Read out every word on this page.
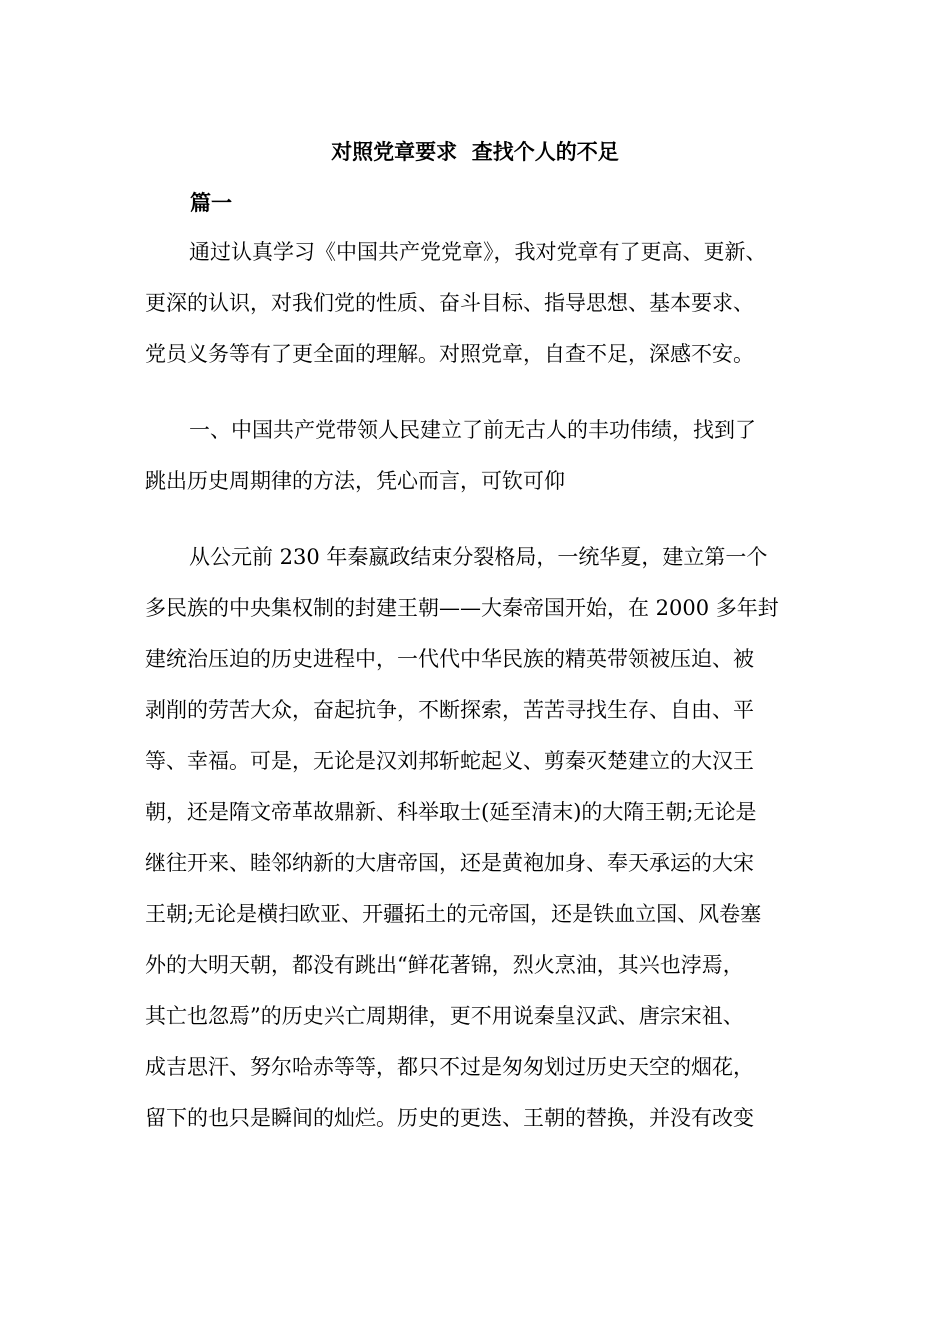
对照党章要求  查找个人的不足
篇一
通过认真学习《中国共产党党章》，我对党章有了更高、更新、
更深的认识，对我们党的性质、奋斗目标、指导思想、基本要求、
党员义务等有了更全面的理解。对照党章，自查不足，深感不安。
一、中国共产党带领人民建立了前无古人的丰功伟绩，找到了
跳出历史周期律的方法，凭心而言，可钦可仰
从公元前 230 年秦嬴政结束分裂格局，一统华夏，建立第一个
多民族的中央集权制的封建王朝——大秦帝国开始，在 2000 多年封
建统治压迫的历史进程中，一代代中华民族的精英带领被压迫、被
剥削的劳苦大众，奋起抗争，不断探索，苦苦寻找生存、自由、平
等、幸福。可是，无论是汉刘邦斩蛇起义、剪秦灭楚建立的大汉王
朝，还是隋文帝革故鼎新、科举取士(延至清末)的大隋王朝;无论是
继往开来、睦邻纳新的大唐帝国，还是黄袍加身、奉天承运的大宋
王朝;无论是横扫欧亚、开疆拓土的元帝国，还是铁血立国、风卷塞
外的大明天朝，都没有跳出“鲜花著锦，烈火烹油，其兴也浡焉，
其亡也忽焉”的历史兴亡周期律，更不用说秦皇汉武、唐宗宋祖、
成吉思汗、努尔哈赤等等，都只不过是匆匆划过历史天空的烟花，
留下的也只是瞬间的灿烂。历史的更迭、王朝的替换，并没有改变
